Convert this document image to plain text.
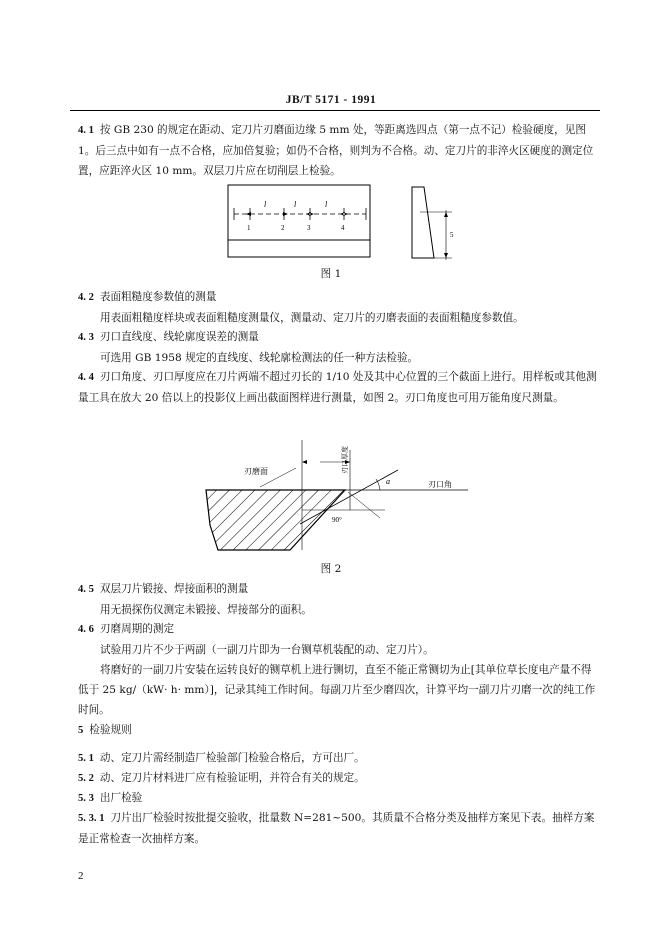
JB/T 5171 - 1991
4. 1 按 GB 230 的规定在距动、定刀片刃磨面边缘 5 mm 处，等距离选四点（第一点不记）检验硬度，见图 1。后三点中如有一点不合格，应加倍复验；如仍不合格，则判为不合格。动、定刀片的非淬火区硬度的测定位置，应距淬火区 10 mm。双层刀片应在切削层上检验。
l	l	l
1	2	3	4
5
图 1
4. 2 表面粗糙度参数值的测量
用表面粗糙度样块或表面粗糙度测量仪，测量动、定刀片的刃磨表面的表面粗糙度参数值。
4. 3 刃口直线度、线轮廓度误差的测量
可选用 GB 1958 规定的直线度、线轮廓检测法的任一种方法检验。
4. 4 刃口角度、刃口厚度应在刀片两端不超过刃长的 1/10 处及其中心位置的三个截面上进行。用样板或其他测量工具在放大 20 倍以上的投影仪上画出截面图样进行测量，如图 2。刃口角度也可用万能角度尺测量。
刃磨面	刃口厚度
刃口角
a
90°
图 2
4. 5 双层刀片锻接、焊接面积的测量
用无损探伤仪测定未锻接、焊接部分的面积。
4. 6 刃磨周期的测定
试验用刀片不少于两副（一副刀片即为一台铡草机装配的动、定刀片）。
将磨好的一副刀片安装在运转良好的铡草机上进行铡切，直至不能正常铡切为止[其单位草长度电产量不得低于 25 kg/（kW· h· mm）]，记录其纯工作时间。每副刀片至少磨四次，计算平均一副刀片刃磨一次的纯工作时间。
5 检验规则
5. 1 动、定刀片需经制造厂检验部门检验合格后，方可出厂。
5. 2 动、定刀片材料进厂应有检验证明，并符合有关的规定。
5. 3 出厂检验
5. 3. 1 刀片出厂检验时按批提交验收，批量数 N=281~500。其质量不合格分类及抽样方案见下表。抽样方案是正常检查一次抽样方案。
2
